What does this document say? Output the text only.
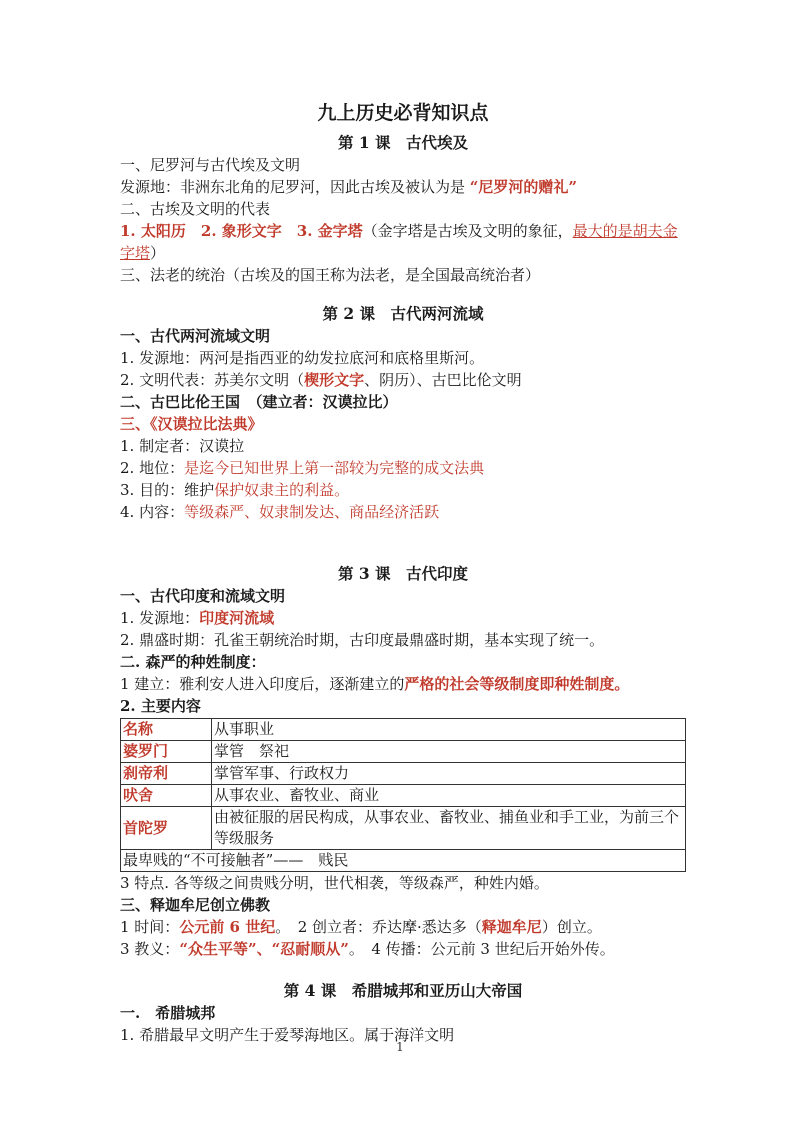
九上历史必背知识点

第 1 课　古代埃及

一、尼罗河与古代埃及文明

发源地：非洲东北角的尼罗河，因此古埃及被认为是 “尼罗河的赠礼”

二、古埃及文明的代表

1. 太阳历　2. 象形文字　3. 金字塔（金字塔是古埃及文明的象征，最大的是胡夫金字塔）

三、法老的统治（古埃及的国王称为法老，是全国最高统治者）

第 2 课　古代两河流域

一、古代两河流域文明

1. 发源地：两河是指西亚的幼发拉底河和底格里斯河。

2. 文明代表：苏美尔文明（楔形文字、阴历）、古巴比伦文明

二、古巴比伦王国　（建立者：汉谟拉比）

三、《汉谟拉比法典》

1. 制定者：汉谟拉

2. 地位：是迄今已知世界上第一部较为完整的成文法典

3. 目的：维护保护奴隶主的利益。

4. 内容：等级森严、奴隶制发达、商品经济活跃

第 3 课　古代印度

一、古代印度和流域文明

1. 发源地：印度河流域

2. 鼎盛时期：孔雀王朝统治时期，古印度最鼎盛时期，基本实现了统一。

二. 森严的种姓制度：

1 建立：雅利安人进入印度后，逐渐建立的严格的社会等级制度即种姓制度。

2. 主要内容

名称	从事职业
婆罗门	掌管　祭祀
刹帝利	掌管军事、行政权力
吠舍	从事农业、畜牧业、商业
首陀罗	由被征服的居民构成，从事农业、畜牧业、捕鱼业和手工业，为前三个等级服务
最卑贱的“不可接触者”——　贱民	

3 特点. 各等级之间贵贱分明，世代相袭，等级森严，种姓内婚。

三、释迦牟尼创立佛教

1 时间：公元前 6 世纪。　2 创立者：乔达摩·悉达多（释迦牟尼）创立。

3 教义：“众生平等”、“忍耐顺从”。　4 传播：公元前 3 世纪后开始外传。

第 4 课　希腊城邦和亚历山大帝国

一.　希腊城邦

1. 希腊最早文明产生于爱琴海地区。属于海洋文明

1
